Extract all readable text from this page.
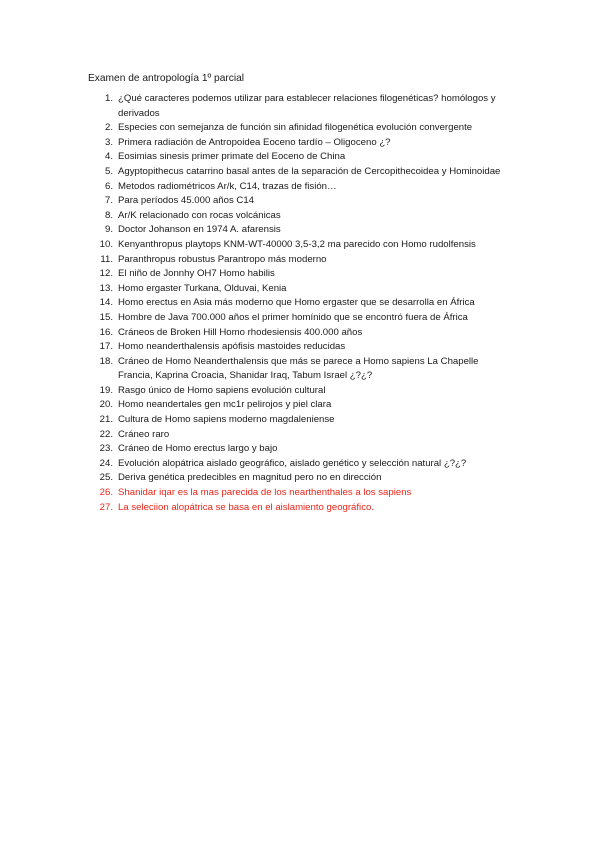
Examen de antropología 1º parcial
1. ¿Qué caracteres podemos utilizar para establecer relaciones filogenéticas? homólogos y derivados
2. Especies con semejanza de función sin afinidad filogenética evolución convergente
3. Primera radiación de Antropoidea Eoceno tardío – Oligoceno ¿?
4. Eosimias sinesis primer primate del Eoceno de China
5. Agyptopithecus catarrino basal antes de la separación de Cercopithecoidea y Hominoidae
6. Metodos radiométricos Ar/k, C14, trazas de fisión…
7. Para períodos 45.000 años C14
8. Ar/K relacionado con rocas volcánicas
9. Doctor Johanson en 1974 A. afarensis
10. Kenyanthropus playtops KNM-WT-40000 3,5-3,2 ma parecido con Homo rudolfensis
11. Paranthropus robustus Parantropo más moderno
12. El niño de Jonnhy OH7 Homo habilis
13. Homo ergaster Turkana, Olduvai, Kenia
14. Homo erectus en Asia más moderno que Homo ergaster que se desarrolla en África
15. Hombre de Java 700.000 años el primer homínido que se encontró fuera de África
16. Cráneos de Broken Hill Homo rhodesiensis 400.000 años
17. Homo neanderthalensis apófisis mastoides reducidas
18. Cráneo de Homo Neanderthalensis que más se parece a Homo sapiens La Chapelle Francia, Kaprina Croacia, Shanidar Iraq, Tabum Israel ¿?¿?
19. Rasgo único de Homo sapiens evolución cultural
20. Homo neandertales gen mc1r pelirojos y piel clara
21. Cultura de Homo sapiens moderno magdaleniense
22. Cráneo raro
23. Cráneo de Homo erectus largo y bajo
24. Evolución alopátrica aislado geográfico, aislado genético y selección natural ¿?¿?
25. Deriva genética predecibles en magnitud pero no en dirección
26. Shanidar iqar es la mas parecida de los nearthenthales a los sapiens
27. La seleciion alopátrica se basa en el aislamiento geográfico.
